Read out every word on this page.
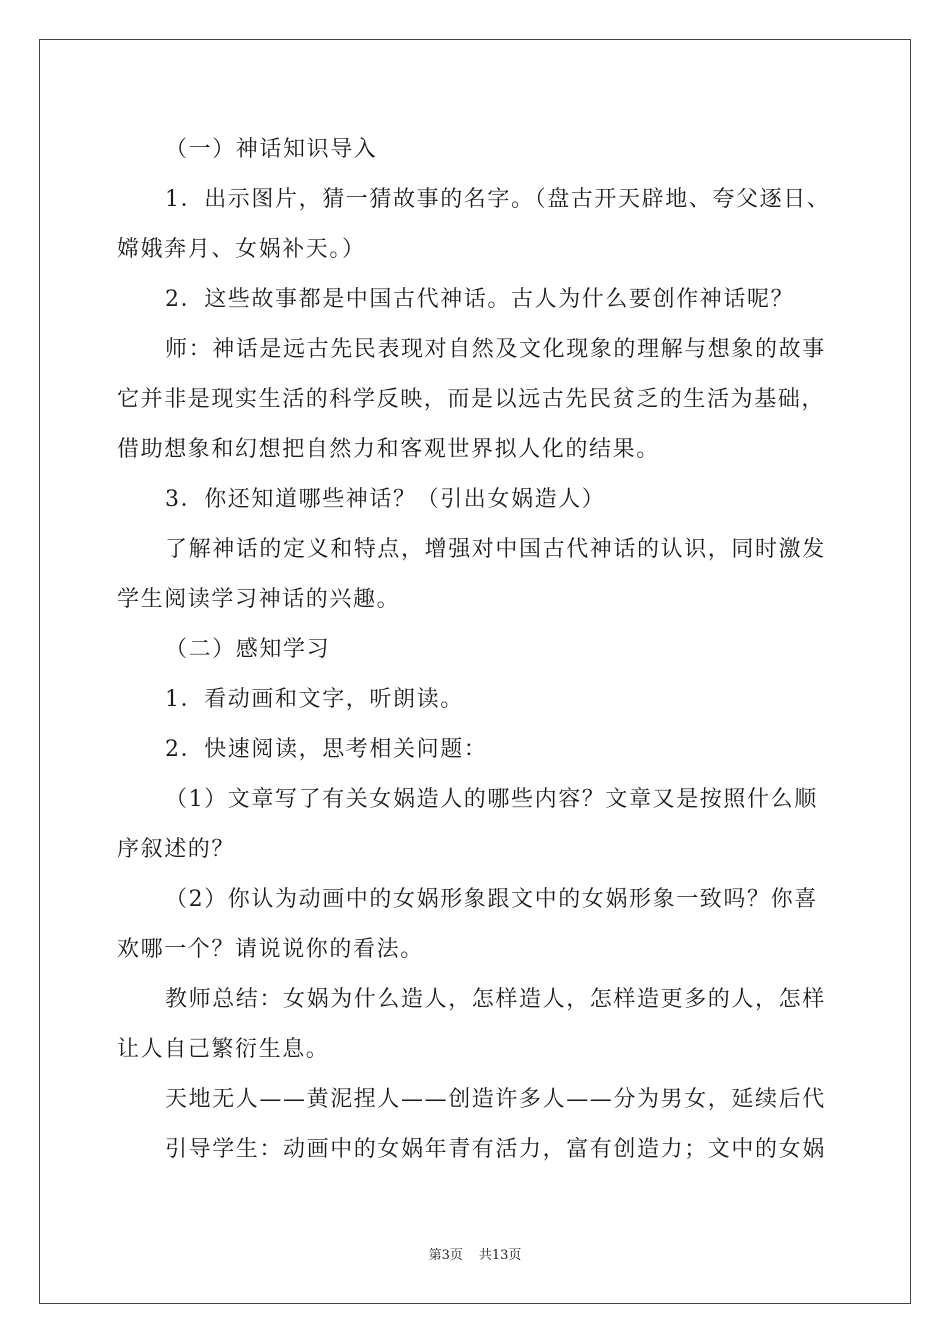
（一）神话知识导入
1．出示图片，猜一猜故事的名字。（盘古开天辟地、夸父逐日、
嫦娥奔月、女娲补天。）
2．这些故事都是中国古代神话。古人为什么要创作神话呢？
师：神话是远古先民表现对自然及文化现象的理解与想象的故事
它并非是现实生活的科学反映，而是以远古先民贫乏的生活为基础，
借助想象和幻想把自然力和客观世界拟人化的结果。
3．你还知道哪些神话？（引出女娲造人）
了解神话的定义和特点，增强对中国古代神话的认识，同时激发
学生阅读学习神话的兴趣。
（二）感知学习
1．看动画和文字，听朗读。
2．快速阅读，思考相关问题：
（1）文章写了有关女娲造人的哪些内容？文章又是按照什么顺
序叙述的？
（2）你认为动画中的女娲形象跟文中的女娲形象一致吗？你喜
欢哪一个？请说说你的看法。
教师总结：女娲为什么造人，怎样造人，怎样造更多的人，怎样
让人自己繁衍生息。
天地无人——黄泥捏人——创造许多人——分为男女，延续后代
引导学生：动画中的女娲年青有活力，富有创造力；文中的女娲
第3页 共13页
